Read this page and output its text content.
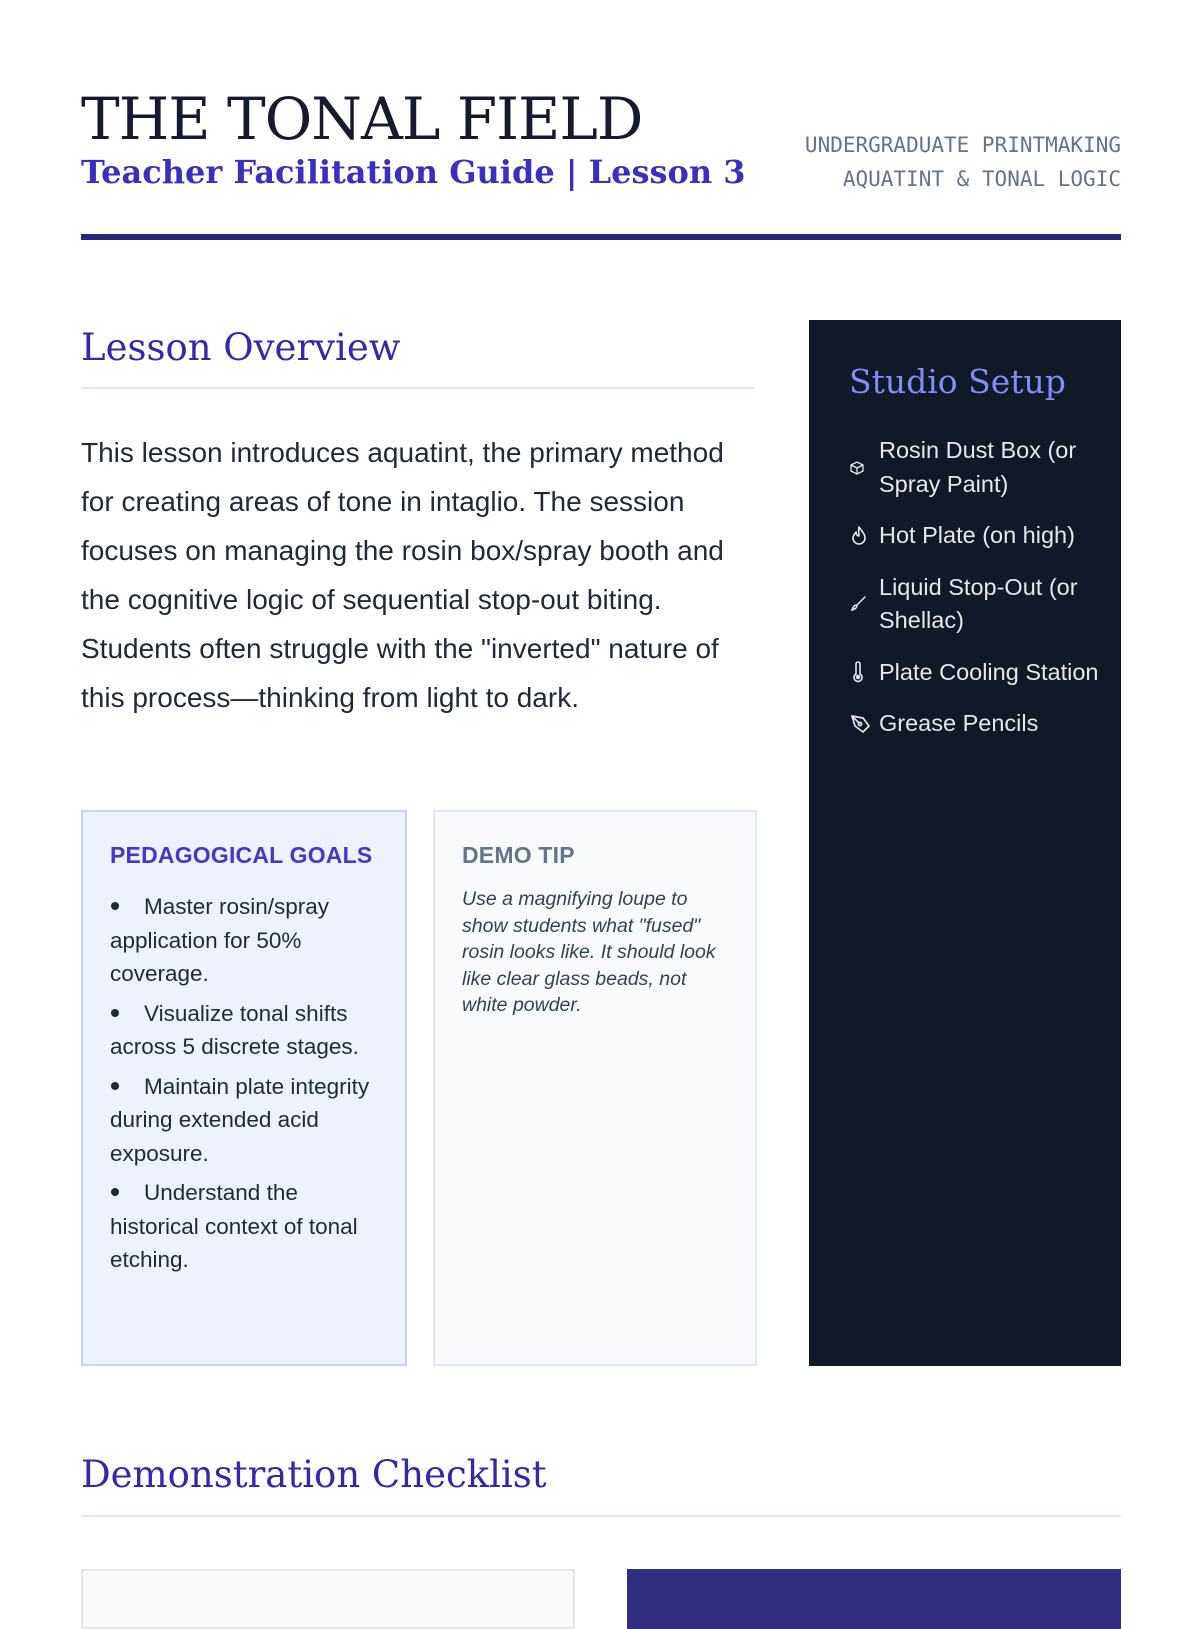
THE TONAL FIELD
Teacher Facilitation Guide | Lesson 3
UNDERGRADUATE PRINTMAKING
AQUATINT & TONAL LOGIC
Lesson Overview

This lesson introduces aquatint, the primary method for creating areas of tone in intaglio. The session focuses on managing the rosin box/spray booth and the cognitive logic of sequential stop-out biting. Students often struggle with the "inverted" nature of this process—thinking from light to dark.

PEDAGOGICAL GOALS
Master rosin/spray application for 50% coverage.
Visualize tonal shifts across 5 discrete stages.
Maintain plate integrity during extended acid exposure.
Understand the historical context of tonal etching.
DEMO TIP

Use a magnifying loupe to show students what "fused" rosin looks like. It should look like clear glass beads, not white powder.

Studio Setup
Rosin Dust Box (or Spray Paint)
Hot Plate (on high)
Liquid Stop-Out (or Shellac)
Plate Cooling Station
Grease Pencils
Demonstration Checklist
